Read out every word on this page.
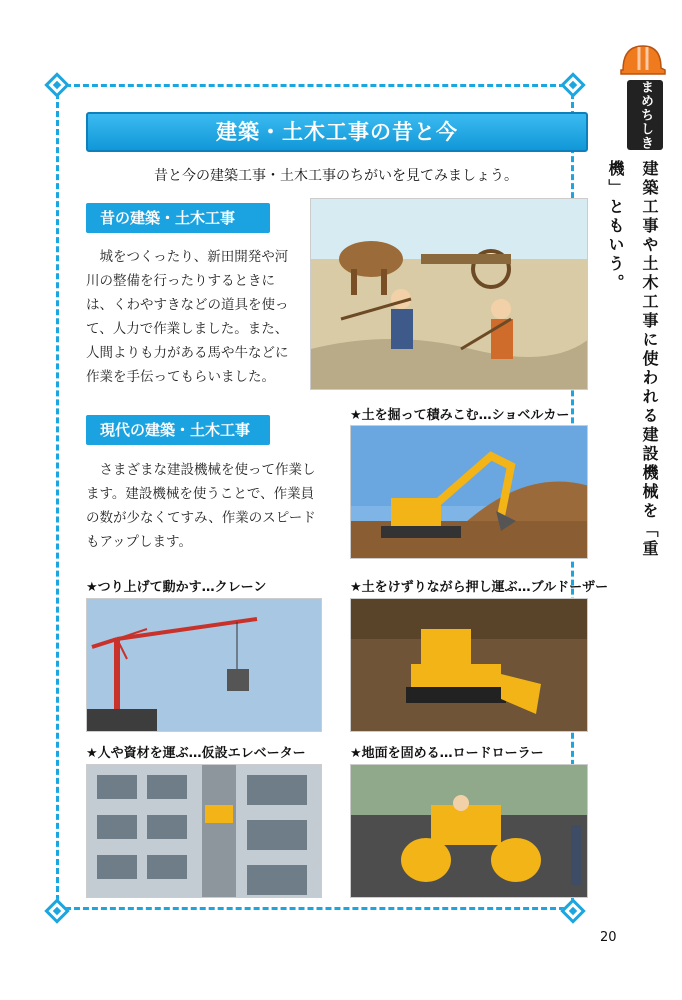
まめちしき
建築工事や土木工事に使われる建設機械を「重機」ともいう。
建築・土木工事の昔と今
昔と今の建築工事・土木工事のちがいを見てみましょう。
昔の建築・土木工事
城をつくったり、新田開発や河川の整備を行ったりするときには、くわやすきなどの道具を使って、人力で作業しました。また、人間よりも力がある馬や牛などに作業を手伝ってもらいました。
現代の建築・土木工事
さまざまな建設機械を使って作業します。建設機械を使うことで、作業員の数が少なくてすみ、作業のスピードもアップします。
★土を掘って積みこむ…ショベルカー
★つり上げて動かす…クレーン	★土をけずりながら押し運ぶ…ブルドーザー
★人や資材を運ぶ…仮設エレベーター	★地面を固める…ロードローラー
20
